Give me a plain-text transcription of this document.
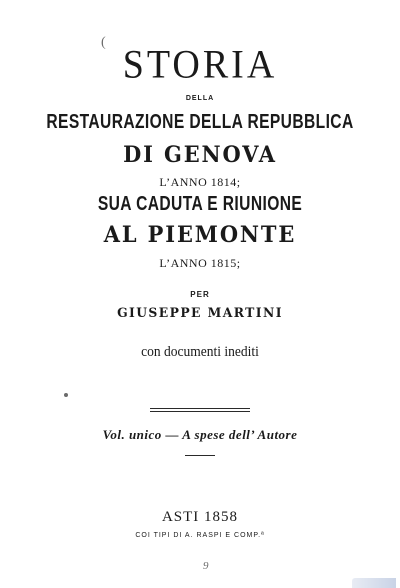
(
STORIA
DELLA
RESTAURAZIONE DELLA REPUBBLICA
DI GENOVA
L’ANNO 1814;
SUA CADUTA E RIUNIONE
AL PIEMONTE
L’ANNO 1815;
PER
GIUSEPPE MARTINI
con documenti inediti
Vol. unico — A spese dell’ Autore
ASTI 1858
COI TIPI DI A. RASPI E COMP.ª
9
